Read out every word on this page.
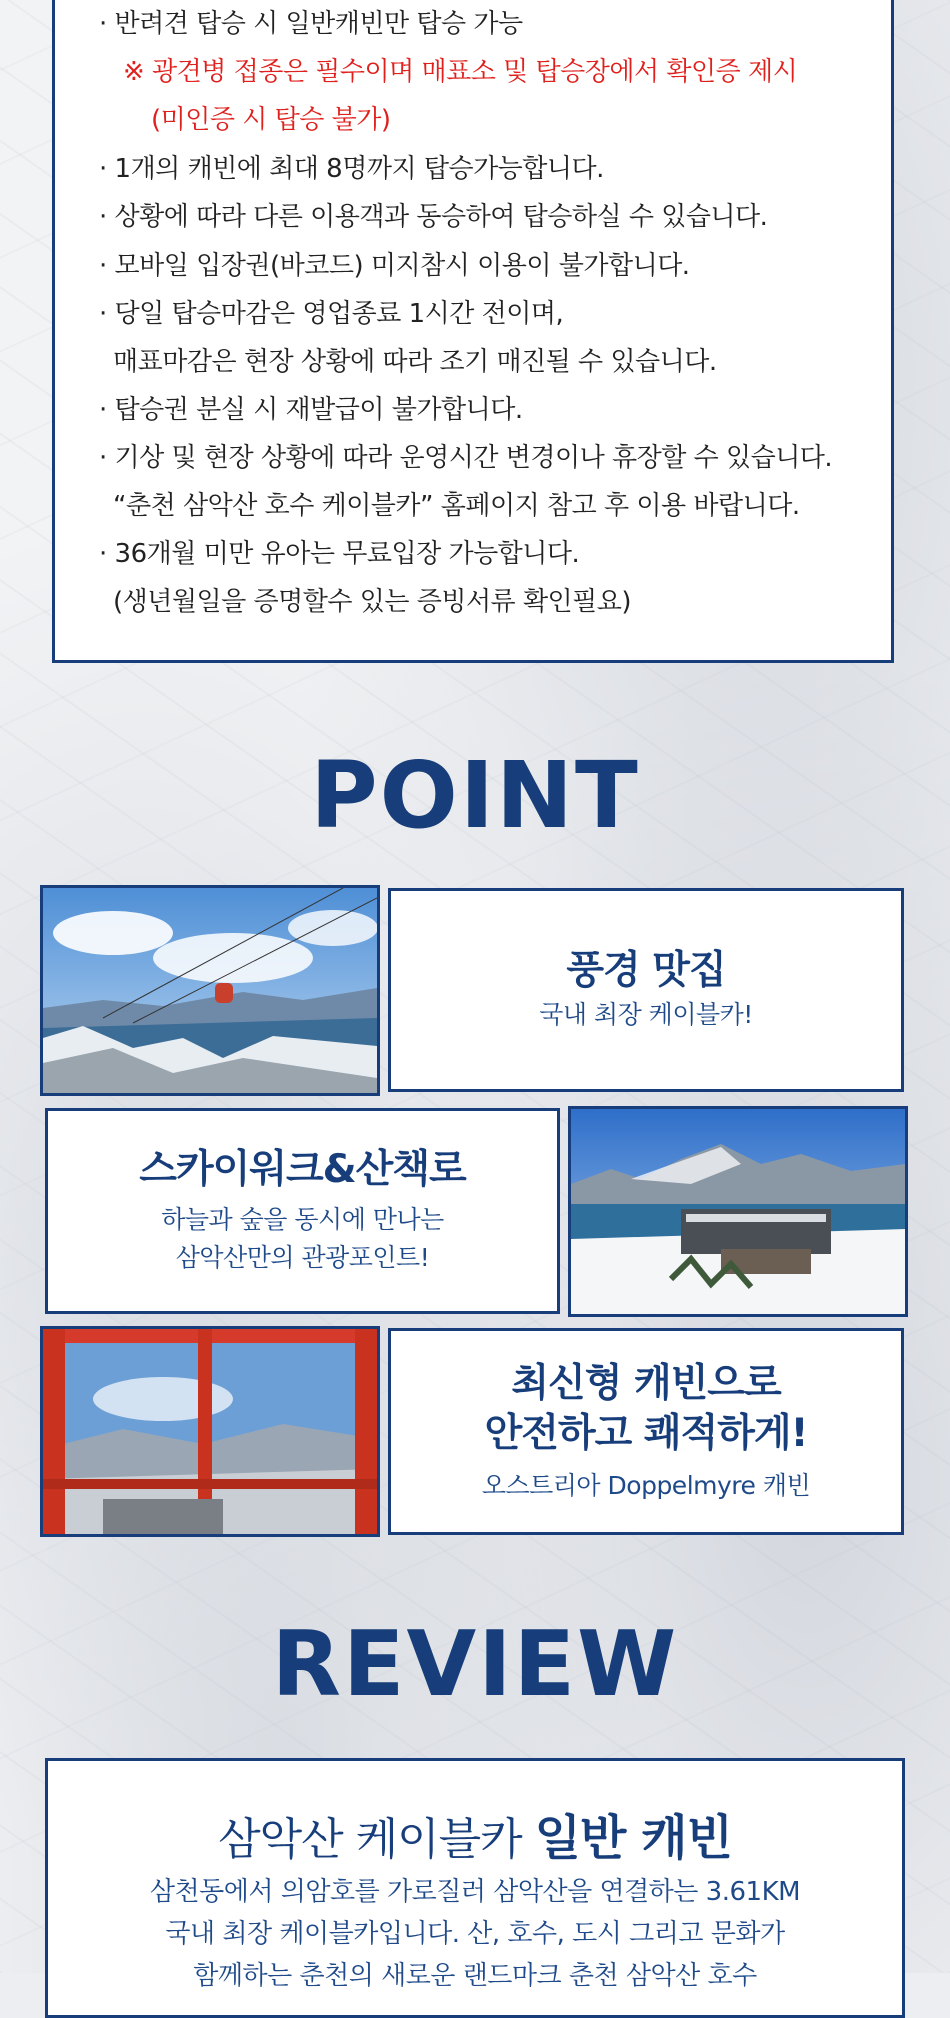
· 반려견 탑승 시 일반캐빈만 탑승 가능
※ 광견병 접종은 필수이며 매표소 및 탑승장에서 확인증 제시
(미인증 시 탑승 불가)
· 1개의 캐빈에 최대 8명까지 탑승가능합니다.
· 상황에 따라 다른 이용객과 동승하여 탑승하실 수 있습니다.
· 모바일 입장권(바코드) 미지참시 이용이 불가합니다.
· 당일 탑승마감은 영업종료 1시간 전이며,
매표마감은 현장 상황에 따라 조기 매진될 수 있습니다.
· 탑승권 분실 시 재발급이 불가합니다.
· 기상 및 현장 상황에 따라 운영시간 변경이나 휴장할 수 있습니다.
“춘천 삼악산 호수 케이블카” 홈페이지 참고 후 이용 바랍니다.
· 36개월 미만 유아는 무료입장 가능합니다.
(생년월일을 증명할수 있는 증빙서류 확인필요)
POINT
풍경 맛집
국내 최장 케이블카!
스카이워크&산책로
하늘과 숲을 동시에 만나는
삼악산만의 관광포인트!
최신형 캐빈으로
안전하고 쾌적하게!
오스트리아 Doppelmyre 캐빈
REVIEW
삼악산 케이블카 일반 캐빈
삼천동에서 의암호를 가로질러 삼악산을 연결하는 3.61KM
국내 최장 케이블카입니다. 산, 호수, 도시 그리고 문화가
함께하는 춘천의 새로운 랜드마크 춘천 삼악산 호수
